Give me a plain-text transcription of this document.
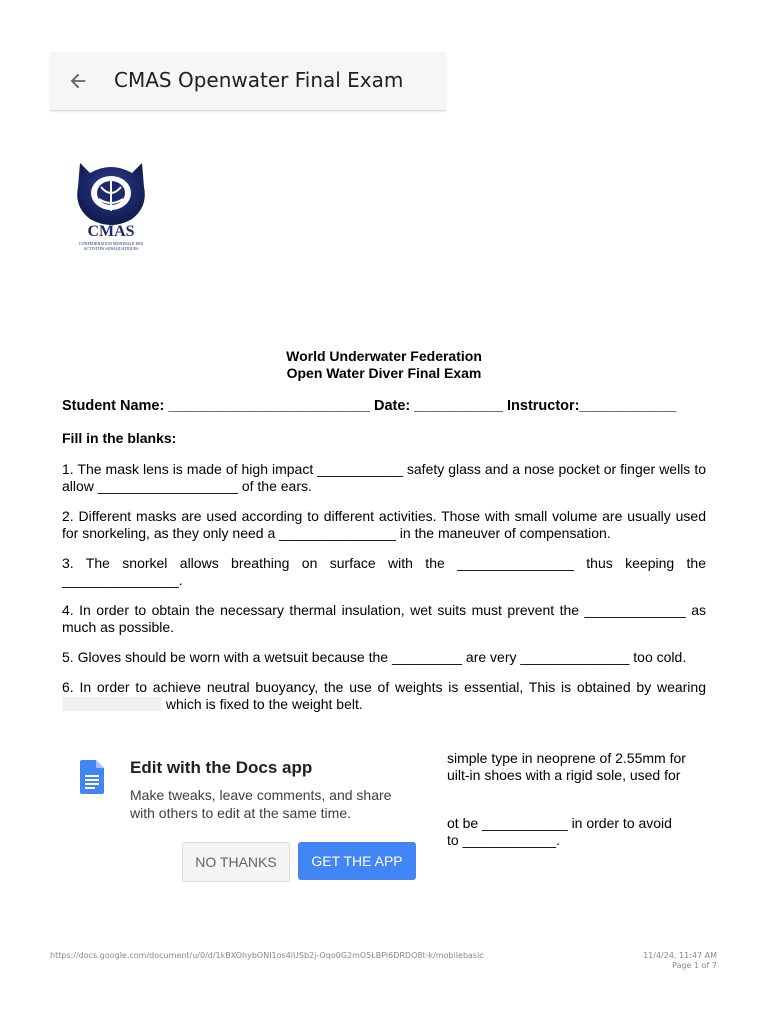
CMAS Openwater Final Exam
CMAS
CONFÉDÉRATION MONDIALE DES
ACTIVITÉS SUBAQUATIQUES
World Underwater Federation
Open Water Diver Final Exam
Student Name: _________________________ Date: ___________ Instructor:____________
Fill in the blanks:
1. The mask lens is made of high impact ___________ safety glass and a nose pocket or finger wells to allow __________________ of the ears.
2. Different masks are used according to different activities. Those with small volume are usually used for snorkeling, as they only need a _______________ in the maneuver of compensation.
3. The snorkel allows breathing on surface with the _______________ thus keeping the _______________.
4. In order to obtain the necessary thermal insulation, wet suits must prevent the _____________ as much as possible.
5. Gloves should be worn with a wetsuit because the _________ are very ______________ too cold.
6. In order to achieve neutral buoyancy, the use of weights is essential, This is obtained by wearing  which is fixed to the weight belt.
simple type in neoprene of 2.55mm for
uilt-in shoes with a rigid sole, used for
ot be ___________ in order to avoid
to ____________.
Edit with the Docs app
Make tweaks, leave comments, and share with others to edit at the same time.
NO THANKS	GET THE APP
https://docs.google.com/document/u/0/d/1kBXOhybONI1os4iUSb2j-Oqo0G2mO5LBPi6DRDO8t-k/mobilebasic	11/4/24, 11:47 AM
Page 1 of 7
